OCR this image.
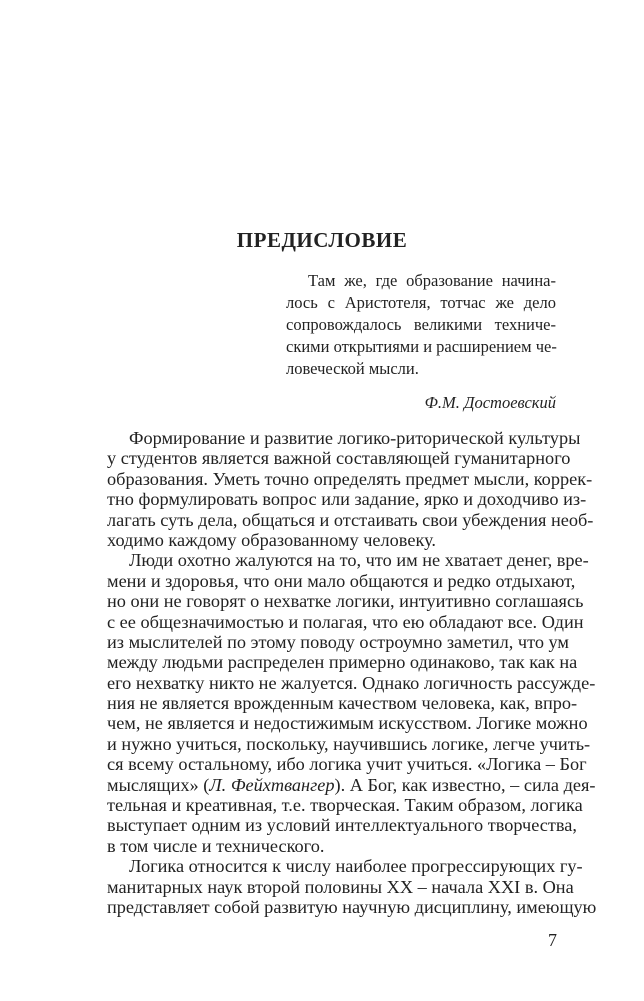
ПРЕДИСЛОВИЕ
Там же, где образование начина-
лось с Аристотеля, тотчас же дело
сопровождалось великими техниче-
скими открытиями и расширением че-
ловеческой мысли.
Ф.М. Достоевский
Формирование и развитие логико-риторической культуры
у студентов является важной составляющей гуманитарного
образования. Уметь точно определять предмет мысли, коррек-
тно формулировать вопрос или задание, ярко и доходчиво из-
лагать суть дела, общаться и отстаивать свои убеждения необ-
ходимо каждому образованному человеку.
Люди охотно жалуются на то, что им не хватает денег, вре-
мени и здоровья, что они мало общаются и редко отдыхают,
но они не говорят о нехватке логики, интуитивно соглашаясь
с ее общезначимостью и полагая, что ею обладают все. Один
из мыслителей по этому поводу остроумно заметил, что ум
между людьми распределен примерно одинаково, так как на
его нехватку никто не жалуется. Однако логичность рассужде-
ния не является врожденным качеством человека, как, впро-
чем, не является и недостижимым искусством. Логике можно
и нужно учиться, поскольку, научившись логике, легче учить-
ся всему остальному, ибо логика учит учиться. «Логика – Бог
мыслящих» (Л. Фейхтвангер). А Бог, как известно, – сила дея-
тельная и креативная, т.е. творческая. Таким образом, логика
выступает одним из условий интеллектуального творчества,
в том числе и технического.
Логика относится к числу наиболее прогрессирующих гу-
манитарных наук второй половины XX – начала XXI в. Она
представляет собой развитую научную дисциплину, имеющую
7
